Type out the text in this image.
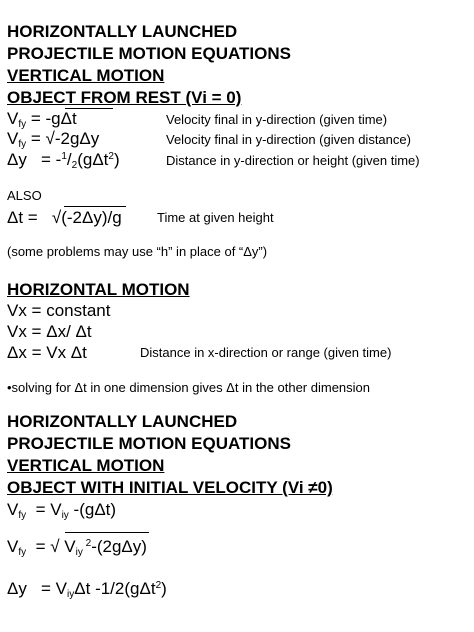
HORIZONTALLY LAUNCHED
PROJECTILE MOTION EQUATIONS
VERTICAL MOTION
OBJECT FROM REST (Vi = 0)
$V_{fy} = -g\Delta t$	Velocity final in y-direction (given time)
$V_{fy} = √-2g\Delta y$	Velocity final in y-direction (given distance)
Δy = -$^1$/2(gΔt$^2$)	Distance in y-direction or height (given time)
ALSO
Δt = √(-2Δy)/g	Time at given height
(some problems may use “h” in place of “Δy”)
HORIZONTAL MOTION
Vx = constant
Vx = Δx/ Δt
Δx = Vx Δt	Distance in x-direction or range (given time)
•solving for Δt in one dimension gives Δt in the other dimension
HORIZONTALLY LAUNCHED
PROJECTILE MOTION EQUATIONS
VERTICAL MOTION
OBJECT WITH INITIAL VELOCITY (Vi ≠0)
$V_{fy} = V_{iy}$ -(gΔt)
$V_{fy}$ = √ $V_{iy}$ $^2$-(2gΔy)
$\Delta y = V_{iy}\Delta t$ -1/2(gΔt$^2$)
